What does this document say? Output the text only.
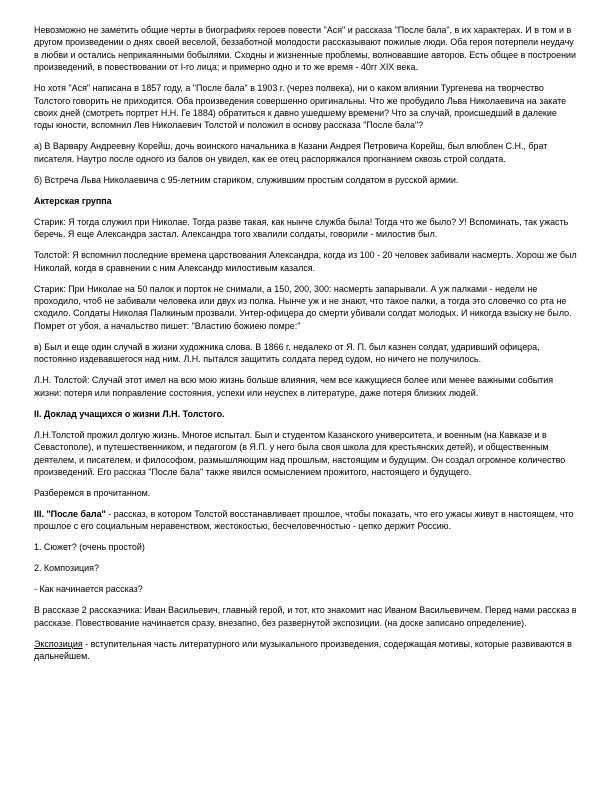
Невозможно не заметить общие черты в биографиях героев повести "Ася" и рассказа "После бала", в их характерах. И в том и в другом произведении о днях своей веселой, беззаботной молодости рассказывают пожилые люди. Оба героя потерпели неудачу в любви и остались неприкаянными бобылями. Сходны и жизненные проблемы, волновавшие авторов. Есть общее в построении произведений, в повествовании от I-го лица; и примерно одно и то же время - 40гг XIX века.

Но хотя "Ася" написана в 1857 году, а "После бала" в 1903 г. (через полвека), ни о каком влиянии Тургенева на творчество Толстого говорить не приходится. Оба произведения совершенно оригинальны. Что же пробудило Льва Николаевича на закате своих дней (смотреть портрет Н.Н. Ге 1884) обратиться к давно ушедшему времени? Что за случай, происшедший в далекие годы юности, вспомнил Лев Николаевич Толстой и положил в основу рассказа "После бала"?

а) В Варвару Андреевну Корейш, дочь воинского начальника в Казани Андрея Петровича Корейш, был влюблен С.Н., брат писателя. Наутро после одного из балов он увидел, как ее отец распоряжался прогнанием сквозь строй солдата.

б) Встреча Льва Николаевича с 95-летним стариком, служившим простым солдатом в русской армии.

Актерская группа

Старик: Я тогда служил при Николае. Тогда разве такая, как нынче служба была! Тогда что же было? У! Вспоминать, так ужасть беречь. Я еще Александра застал. Александра того хвалили солдаты, говорили - милостив был.

Толстой: Я вспомнил последние времена царствования Александра, когда из 100 - 20 человек забивали насмерть. Хорош же был Николай, когда в сравнении с ним Александр милостивым казался.

Старик: При Николае на 50 палок и порток не снимали, а 150, 200, 300: насмерть запарывали. А уж палками - недели не проходило, чтоб не забивали человека или двух из полка. Нынче уж и не знают, что такое палки, а тогда это словечко со рта не сходило. Солдаты Николая Палкиным прозвали. Унтер-офицера до смерти убивали солдат молодых. И никогда взыску не было. Помрет от убоя, а начальство пишет: "Властию божиею помре:"

в) Был и еще один случай в жизни художника слова. В 1866 г. недалеко от Я. П. был казнен солдат, ударивший офицера, постоянно издевавшегося над ним. Л.Н. пытался защитить солдата перед судом, но ничего не получилось.

Л.Н. Толстой: Случай этот имел на всю мою жизнь больше влияния, чем все кажущиеся более или менее важными события жизни: потеря или поправление состояния, успехи или неуспех в литературе, даже потеря близких людей.

II. Доклад учащихся о жизни Л.Н. Толстого.

Л.Н.Толстой прожил долгую жизнь. Многое испытал. Был и студентом Казанского университета, и военным (на Кавказе и в Севастополе), и путешественником, и педагогом (в Я.П. у него была своя школа для крестьянских детей), и общественным деятелем, и писателем, и философом, размышляющим над прошлым, настоящим и будущим. Он создал огромное количество произведений. Его рассказ "После бала" также явился осмыслением прожитого, настоящего и будущего.

Разберемся в прочитанном.

III. "После бала" - рассказ, в котором Толстой восстанавливает прошлое, чтобы показать, что его ужасы живут в настоящем, что прошлое с его социальным неравенством, жестокостью, бесчеловечностью - цепко держит Россию.

1. Сюжет? (очень простой)

2. Композиция?

- Как начинается рассказ?

В рассказе 2 рассказчика: Иван Васильевич, главный герой, и тот, кто знакомит нас Иваном Васильевичем. Перед нами рассказ в рассказе. Повествование начинается сразу, внезапно, без развернутой экспозиции. (на доске записано определение).

Экспозиция - вступительная часть литературного или музыкального произведения, содержащая мотивы, которые развиваются в дальнейшем.
